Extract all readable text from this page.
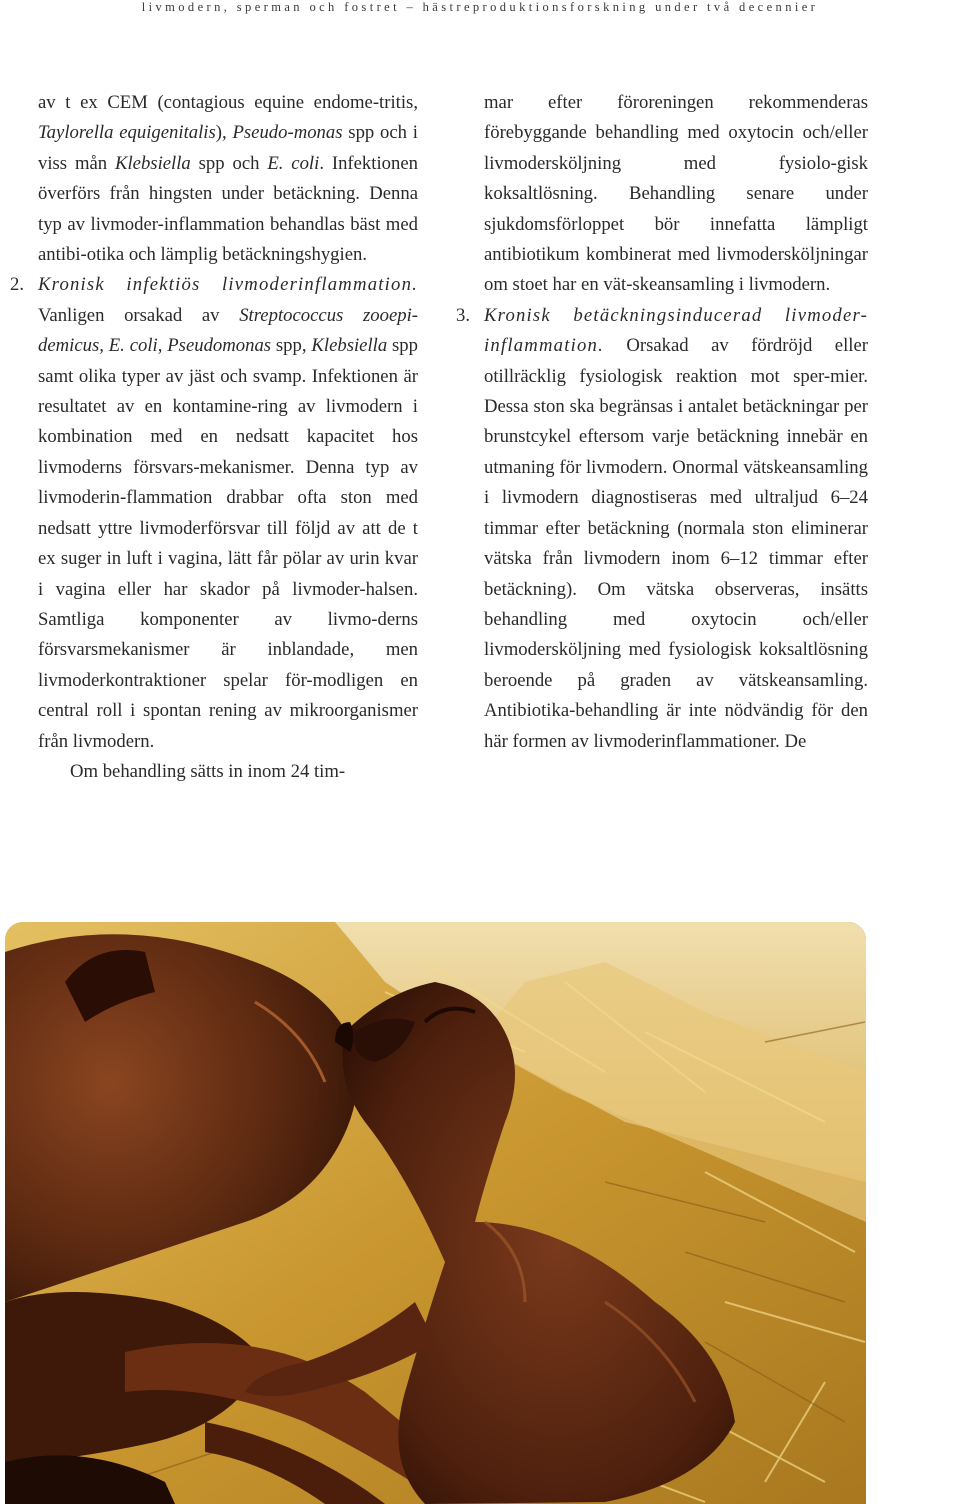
livmodern, sperman och fostret – hästreproduktionsforskning under två decennier

av t ex CEM (contagious equine endome-tritis, Taylorella equigenitalis), Pseudo-monas spp och i viss mån Klebsiella spp och E. coli. Infektionen överförs från hingsten under betäckning. Denna typ av livmoder-inflammation behandlas bäst med antibi-otika och lämplig betäckningshygien.

2. Kronisk infektiös livmoderinflammation. Vanligen orsakad av Streptococcus zooepi-demicus, E. coli, Pseudomonas spp, Klebsiella spp samt olika typer av jäst och svamp. Infektionen är resultatet av en kontamine-ring av livmodern i kombination med en nedsatt kapacitet hos livmoderns försvars-mekanismer. Denna typ av livmoderin-flammation drabbar ofta ston med nedsatt yttre livmoderförsvar till följd av att de t ex suger in luft i vagina, lätt får pölar av urin kvar i vagina eller har skador på livmoder-halsen. Samtliga komponenter av livmo-derns försvarsmekanismer är inblandade, men livmoderkontraktioner spelar för-modligen en central roll i spontan rening av mikroorganismer från livmodern.

Om behandling sätts in inom 24 tim-

mar efter föroreningen rekommenderas förebyggande behandling med oxytocin och/eller livmodersköljning med fysiolo-gisk koksaltlösning. Behandling senare under sjukdomsförloppet bör innefatta lämpligt antibiotikum kombinerat med livmodersköljningar om stoet har en vät-skeansamling i livmodern.

3. Kronisk betäckningsinducerad livmoder-inflammation. Orsakad av fördröjd eller otillräcklig fysiologisk reaktion mot sper-mier. Dessa ston ska begränsas i antalet betäckningar per brunstcykel eftersom varje betäckning innebär en utmaning för livmodern. Onormal vätskeansamling i livmodern diagnostiseras med ultraljud 6–24 timmar efter betäckning (normala ston eliminerar vätska från livmodern inom 6–12 timmar efter betäckning). Om vätska observeras, insätts behandling med oxytocin och/eller livmodersköljning med fysiologisk koksaltlösning beroende på graden av vätskeansamling. Antibiotika-behandling är inte nödvändig för den här formen av livmoderinflammationer. De
